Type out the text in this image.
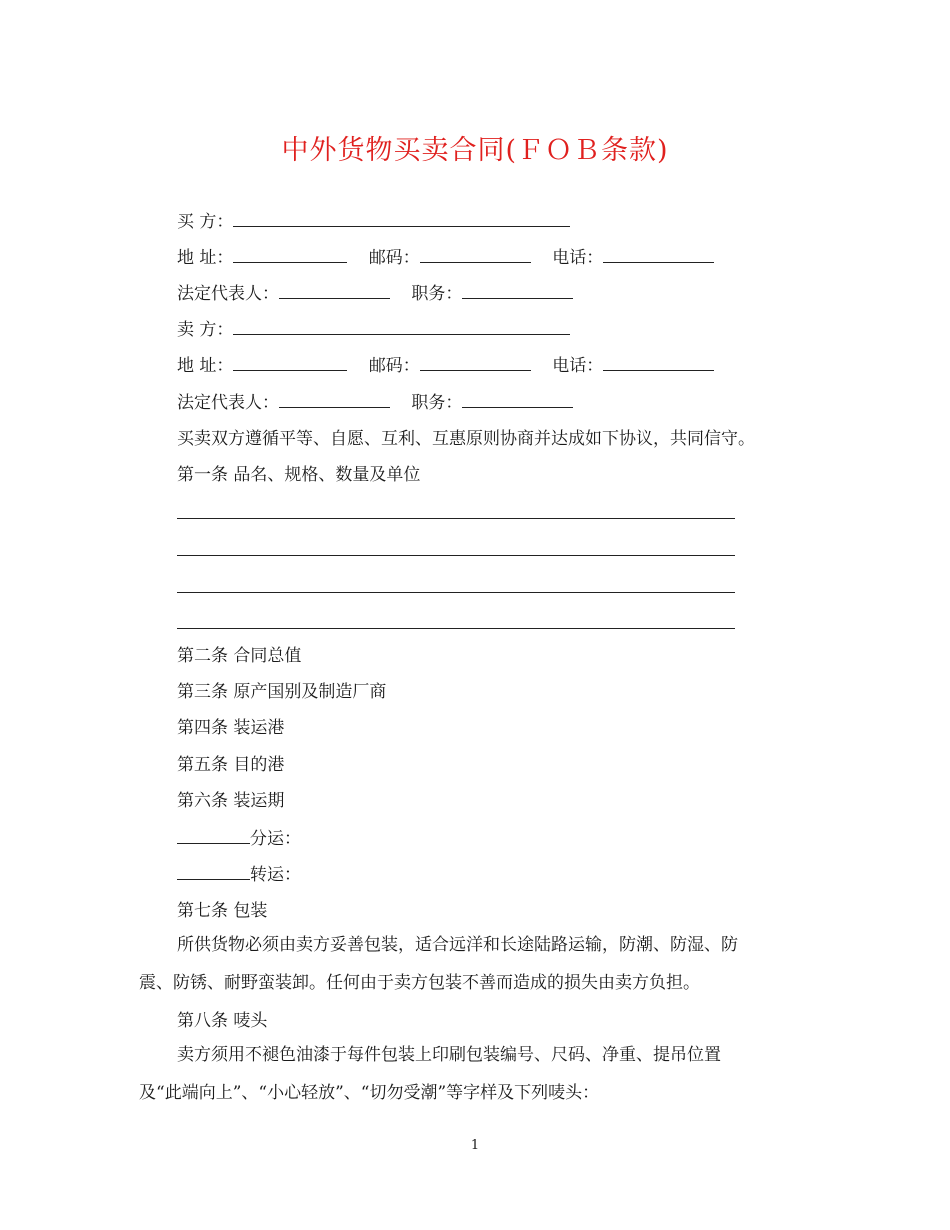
中外货物买卖合同(ＦＯＢ条款)
买 方：
地 址：	邮码：	电话：
法定代表人：	职务：
卖 方：
地 址：	邮码：	电话：
法定代表人：	职务：
买卖双方遵循平等、自愿、互利、互惠原则协商并达成如下协议，共同信守。
第一条 品名、规格、数量及单位
第二条 合同总值
第三条 原产国别及制造厂商
第四条 装运港
第五条 目的港
第六条 装运期
分运：
转运：
第七条 包装
所供货物必须由卖方妥善包装，适合远洋和长途陆路运输，防潮、防湿、防
震、防锈、耐野蛮装卸。任何由于卖方包装不善而造成的损失由卖方负担。
第八条 唛头
卖方须用不褪色油漆于每件包装上印刷包装编号、尺码、净重、提吊位置
及“此端向上”、“小心轻放”、“切勿受潮”等字样及下列唛头：
1
